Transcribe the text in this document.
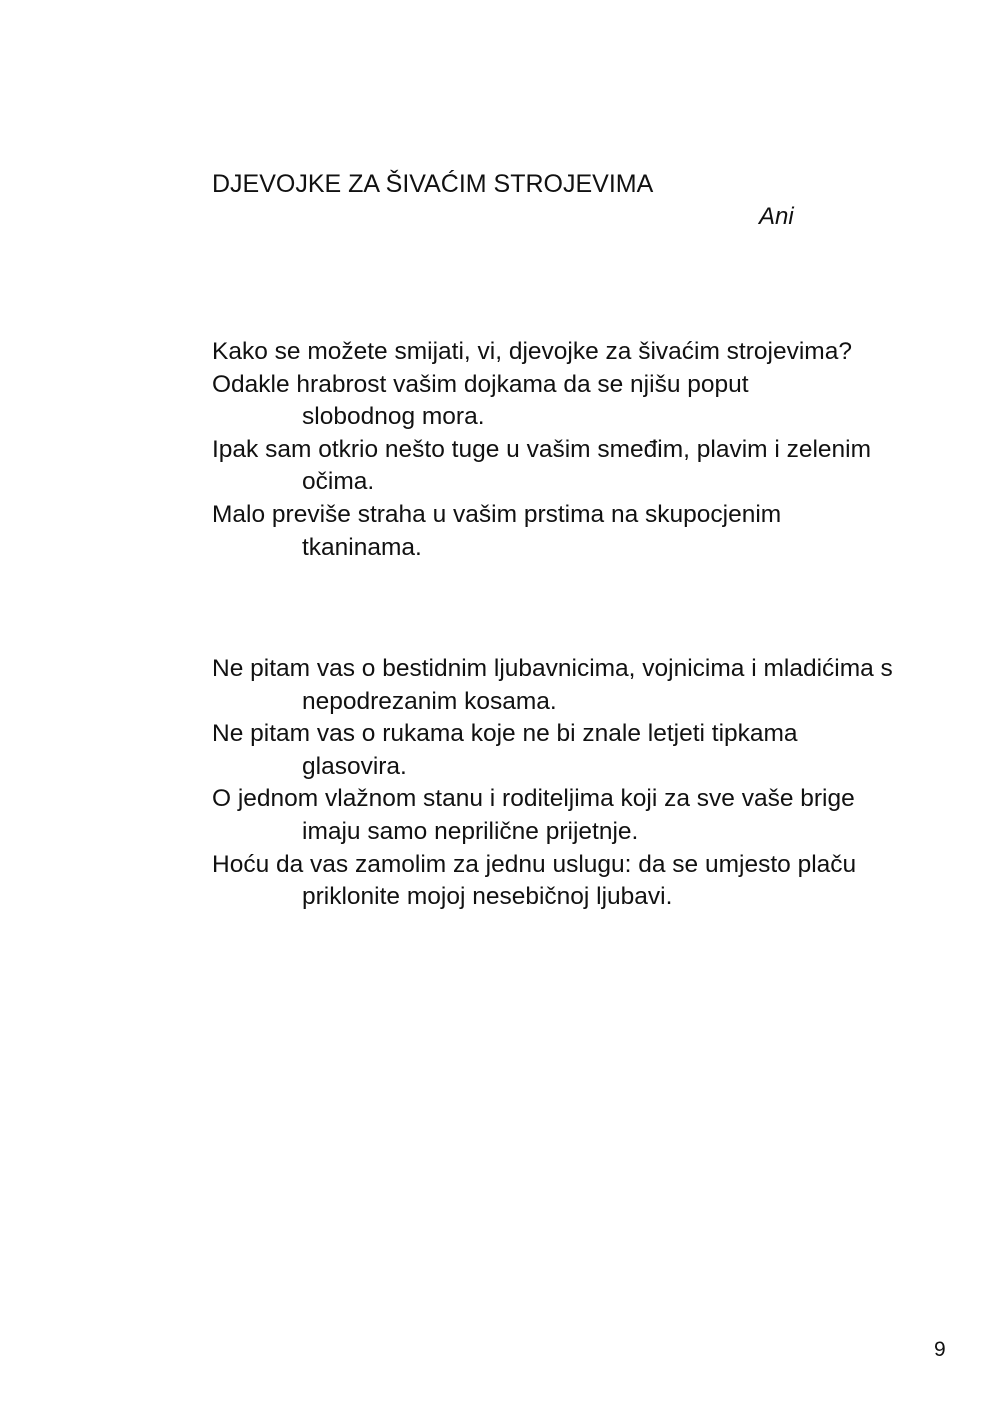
DJEVOJKE ZA ŠIVAĆIM STROJEVIMA

Ani

Kako se možete smijati, vi, djevojke za šivaćim strojevima?

Odakle hrabrost vašim dojkama da se njišu poput slobodnog mora.

Ipak sam otkrio nešto tuge u vašim smeđim, plavim i zelenim očima.

Malo previše straha u vašim prstima na skupocjenim tkaninama.

Ne pitam vas o bestidnim ljubavnicima, vojnicima i mladićima s nepodrezanim kosama.

Ne pitam vas o rukama koje ne bi znale letjeti tipkama glasovira.

O jednom vlažnom stanu i roditeljima koji za sve vaše brige imaju samo neprilične prijetnje.

Hoću da vas zamolim za jednu uslugu: da se umjesto plaču priklonite mojoj nesebičnoj ljubavi.

9
